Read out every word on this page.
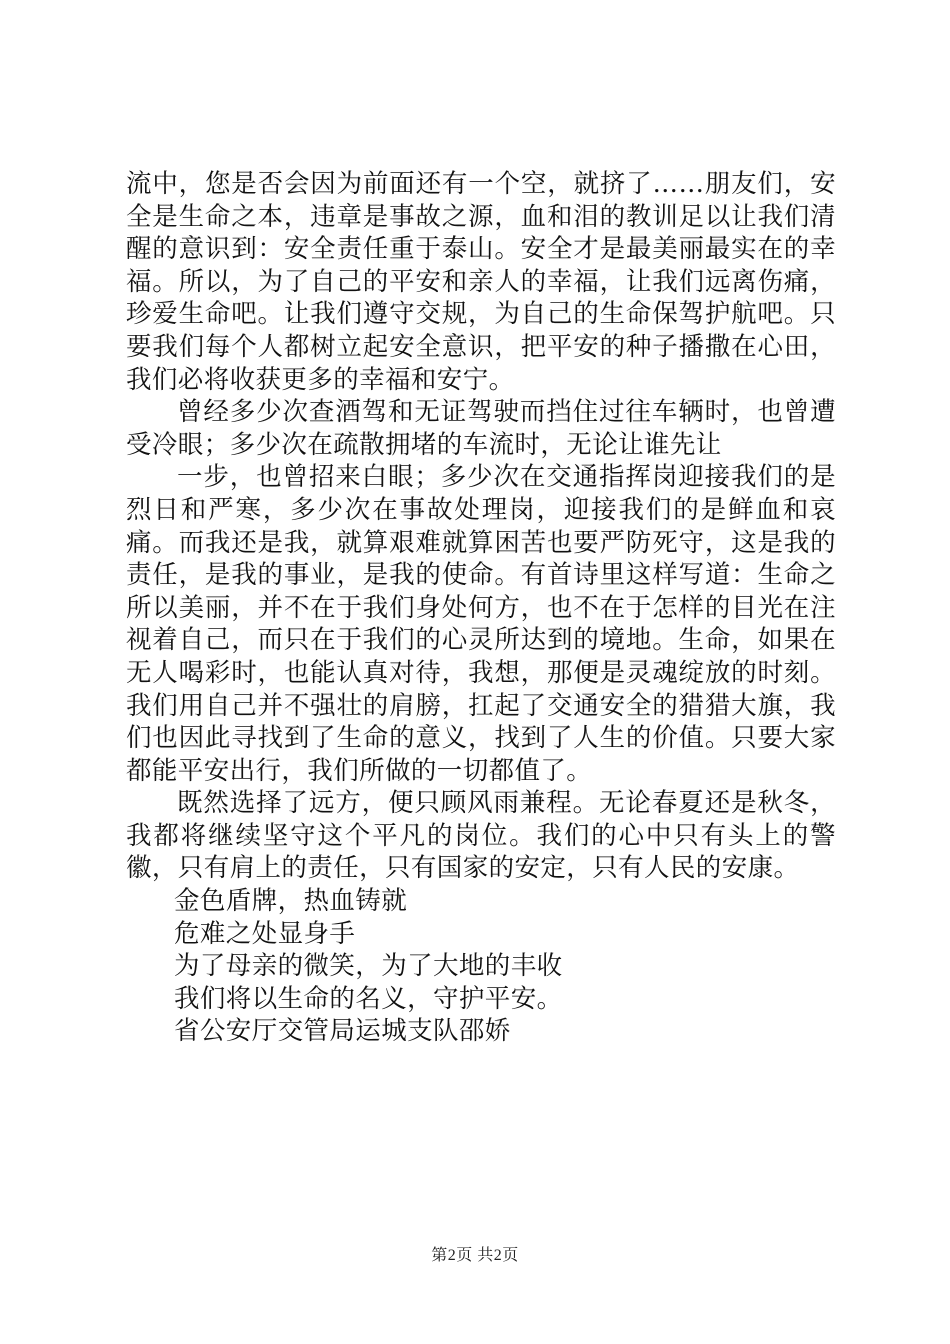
流中，您是否会因为前面还有一个空，就挤了……朋友们，安全是生命之本，违章是事故之源，血和泪的教训足以让我们清醒的意识到：安全责任重于泰山。安全才是最美丽最实在的幸福。所以，为了自己的平安和亲人的幸福，让我们远离伤痛，珍爱生命吧。让我们遵守交规，为自己的生命保驾护航吧。只要我们每个人都树立起安全意识，把平安的种子播撒在心田，我们必将收获更多的幸福和安宁。

曾经多少次查酒驾和无证驾驶而挡住过往车辆时，也曾遭受冷眼；多少次在疏散拥堵的车流时，无论让谁先让

一步，也曾招来白眼；多少次在交通指挥岗迎接我们的是烈日和严寒，多少次在事故处理岗，迎接我们的是鲜血和哀痛。而我还是我，就算艰难就算困苦也要严防死守，这是我的责任，是我的事业，是我的使命。有首诗里这样写道：生命之所以美丽，并不在于我们身处何方，也不在于怎样的目光在注视着自己，而只在于我们的心灵所达到的境地。生命，如果在无人喝彩时，也能认真对待，我想，那便是灵魂绽放的时刻。我们用自己并不强壮的肩膀，扛起了交通安全的猎猎大旗，我们也因此寻找到了生命的意义，找到了人生的价值。只要大家都能平安出行，我们所做的一切都值了。

既然选择了远方，便只顾风雨兼程。无论春夏还是秋冬，我都将继续坚守这个平凡的岗位。我们的心中只有头上的警徽，只有肩上的责任，只有国家的安定，只有人民的安康。

金色盾牌，热血铸就

危难之处显身手

为了母亲的微笑，为了大地的丰收

我们将以生命的名义，守护平安。

省公安厅交管局运城支队邵娇

第2页 共2页
